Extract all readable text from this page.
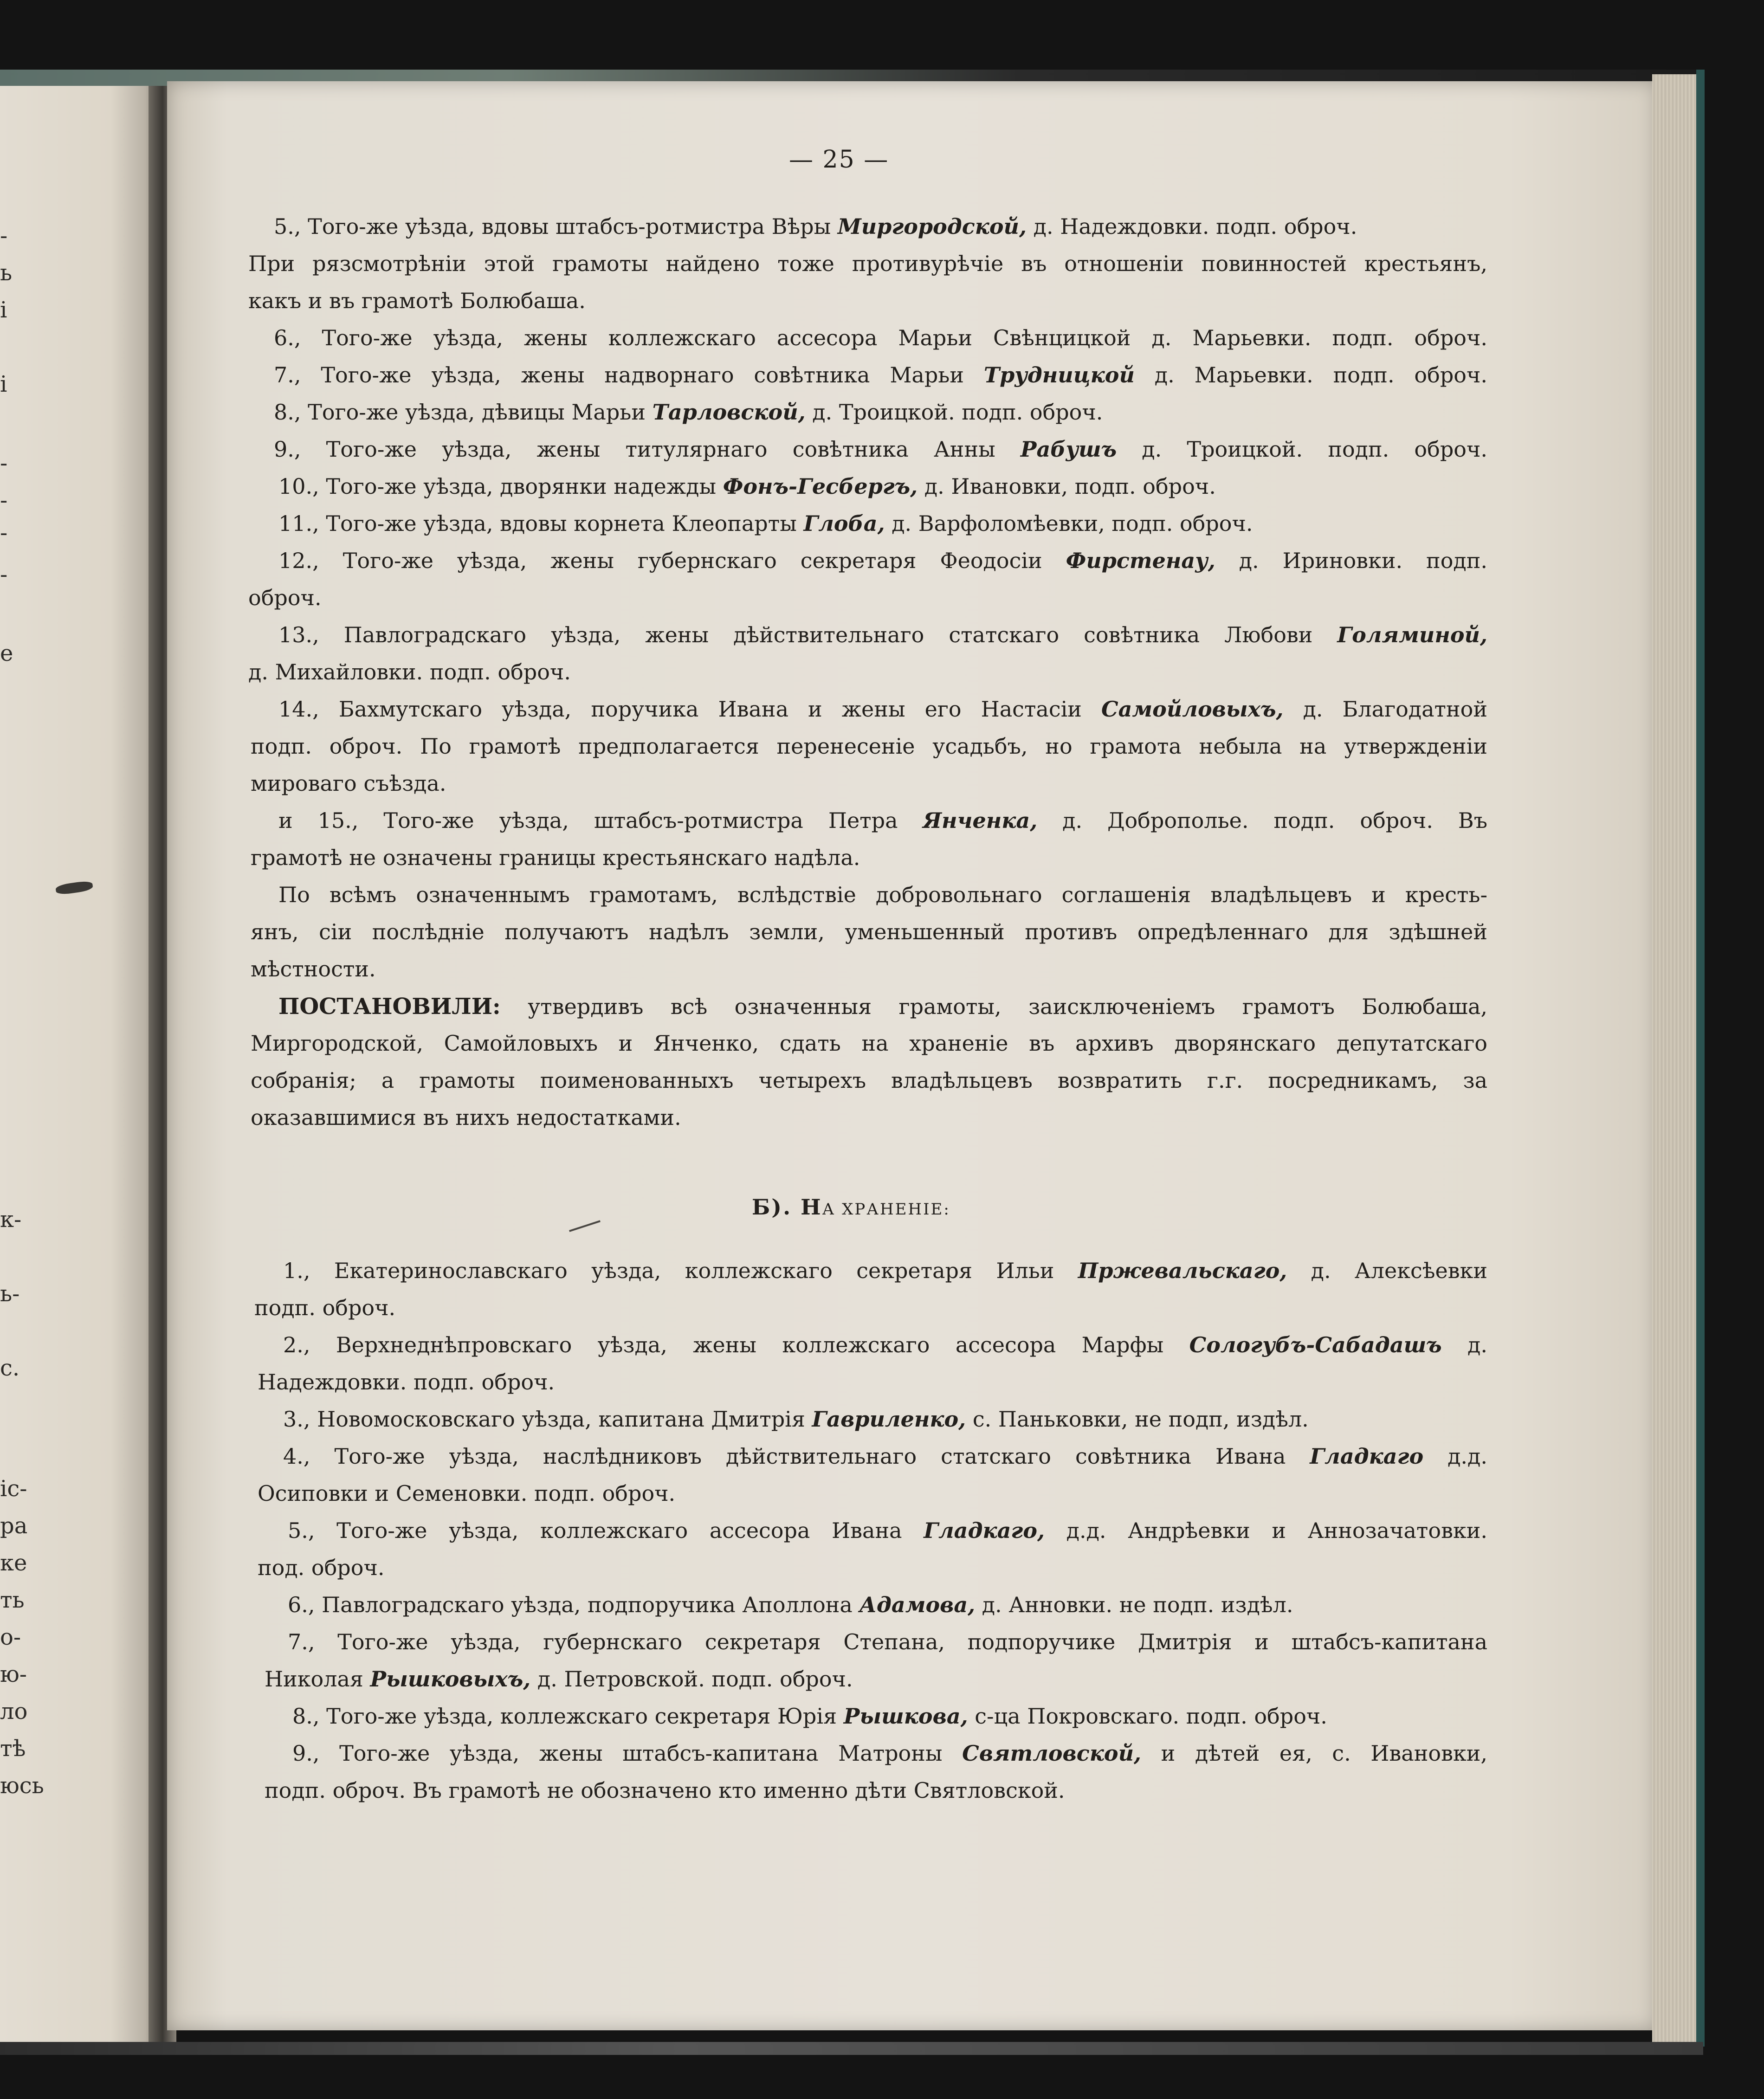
-
ь
і
і
-
-
-
-
е
к-
ь-
с.
іс-
ра
ке
ть
о-
ю-
ло
тѣ
юсь
— 25 —
5., Того-же уѣзда, вдовы штабсъ-ротмистра Вѣры Миргородской, д. Надеждовки. подп. оброч.
При рязсмотрѣніи этой грамоты найдено тоже противурѣчіе въ отношеніи повинностей крестьянъ,
какъ и въ грамотѣ Болюбаша.
6., Того-же уѣзда, жены коллежскаго ассесора Марьи Свѣнцицкой д. Марьевки. подп. оброч.
7., Того-же уѣзда, жены надворнаго совѣтника Марьи Трудницкой д. Марьевки. подп. оброч.
8., Того-же уѣзда, дѣвицы Марьи Тарловской, д. Троицкой. подп. оброч.
9., Того-же уѣзда, жены титулярнаго совѣтника Анны Рабушъ д. Троицкой. подп. оброч.
10., Того-же уѣзда, дворянки надежды Фонъ-Гесбергъ, д. Ивановки, подп. оброч.
11., Того-же уѣзда, вдовы корнета Клеопарты Глоба, д. Варфоломѣевки, подп. оброч.
12., Того-же уѣзда, жены губернскаго секретаря Феодосіи Фирстенау, д. Ириновки. подп.
оброч.
13., Павлоградскаго уѣзда, жены дѣйствительнаго статскаго совѣтника Любови Голяминой,
д. Михайловки. подп. оброч.
14., Бахмутскаго уѣзда, поручика Ивана и жены его Настасіи Самойловыхъ, д. Благодатной
подп. оброч. По грамотѣ предполагается перенесеніе усадьбъ, но грамота небыла на утвержденіи
мироваго съѣзда.
и 15., Того-же уѣзда, штабсъ-ротмистра Петра Янченка, д. Доброполье. подп. оброч. Въ
грамотѣ не означены границы крестьянскаго надѣла.
По всѣмъ означеннымъ грамотамъ, вслѣдствіе добровольнаго соглашенія владѣльцевъ и кресть-
янъ, сіи послѣдніе получаютъ надѣлъ земли, уменьшенный противъ опредѣленнаго для здѣшней
мѣстности.
ПОСТАНОВИЛИ: утвердивъ всѣ означенныя грамоты, заисключеніемъ грамотъ Болюбаша,
Миргородской, Самойловыхъ и Янченко, сдать на храненіе въ архивъ дворянскаго депутатскаго
собранія; а грамоты поименованныхъ четырехъ владѣльцевъ возвратить г.г. посредникамъ, за
оказавшимися въ нихъ недостатками.
Б). НА ХРАНЕНІЕ:
1., Екатеринославскаго уѣзда, коллежскаго секретаря Ильи Пржевальскаго, д. Алексѣевки
подп. оброч.
2., Верхнеднѣпровскаго уѣзда, жены коллежскаго ассесора Марфы Сологубъ-Сабадашъ д.
Надеждовки. подп. оброч.
3., Новомосковскаго уѣзда, капитана Дмитрія Гавриленко, с. Паньковки, не подп, издѣл.
4., Того-же уѣзда, наслѣдниковъ дѣйствительнаго статскаго совѣтника Ивана Гладкаго д.д.
Осиповки и Семеновки. подп. оброч.
5., Того-же уѣзда, коллежскаго ассесора Ивана Гладкаго, д.д. Андрѣевки и Аннозачатовки.
под. оброч.
6., Павлоградскаго уѣзда, подпоручика Аполлона Адамова, д. Анновки. не подп. издѣл.
7., Того-же уѣзда, губернскаго секретаря Степана, подпоручике Дмитрія и штабсъ-капитана
Николая Рышковыхъ, д. Петровской. подп. оброч.
8., Того-же уѣзда, коллежскаго секретаря Юрія Рышкова, с-ца Покровскаго. подп. оброч.
9., Того-же уѣзда, жены штабсъ-капитана Матроны Святловской, и дѣтей ея, с. Ивановки,
подп. оброч. Въ грамотѣ не обозначено кто именно дѣти Святловской.
